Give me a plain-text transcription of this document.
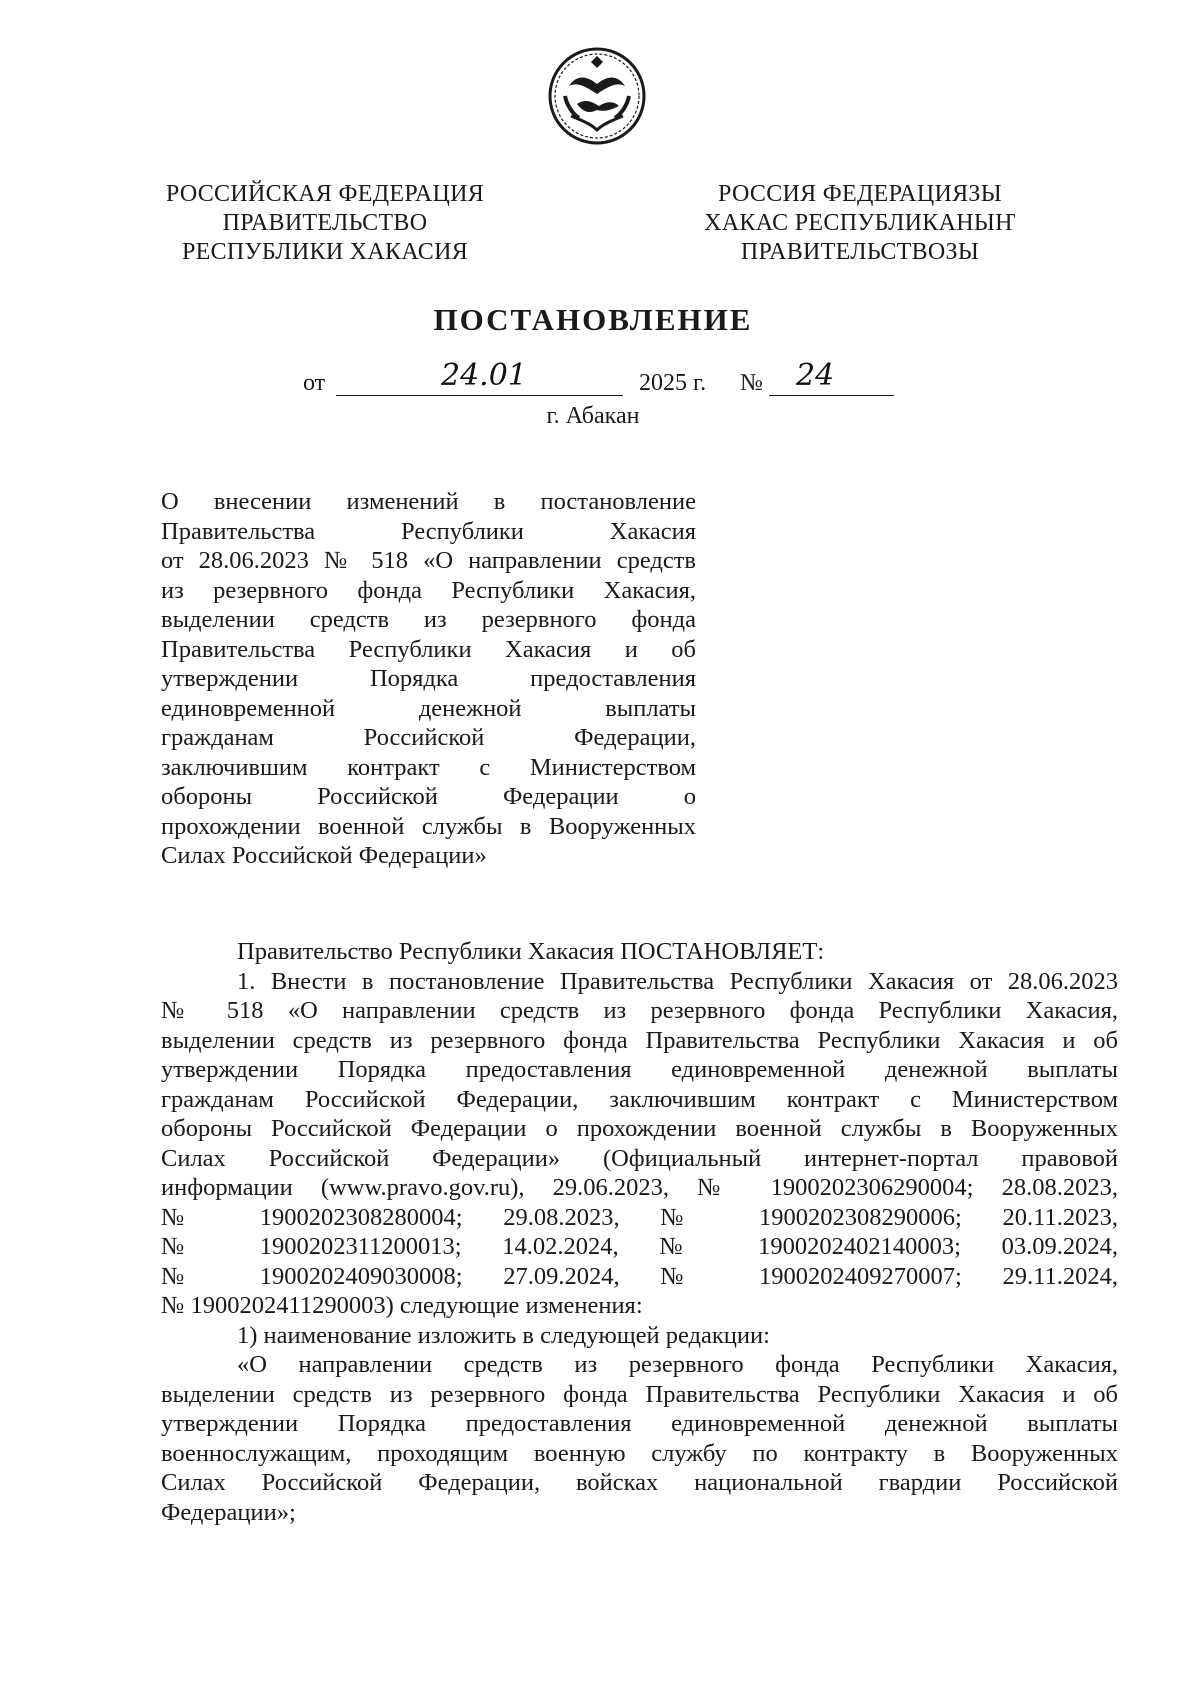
РОССИЙСКАЯ ФЕДЕРАЦИЯ
ПРАВИТЕЛЬСТВО
РЕСПУБЛИКИ ХАКАСИЯ
РОССИЯ ФЕДЕРАЦИЯЗЫ
ХАКАС РЕСПУБЛИКАНЫҤ
ПРАВИТЕЛЬСТВОЗЫ
ПОСТАНОВЛЕНИЕ
от	24.01	2025 г. № 24
г. Абакан
О внесении изменений в постановление
Правительства Республики Хакасия
от 28.06.2023 № 518 «О направлении средств
из резервного фонда Республики Хакасия,
выделении средств из резервного фонда
Правительства Республики Хакасия и об
утверждении Порядка предоставления
единовременной денежной выплаты
гражданам Российской Федерации,
заключившим контракт с Министерством
обороны Российской Федерации о
прохождении военной службы в Вооруженных
Силах Российской Федерации»
Правительство Республики Хакасия ПОСТАНОВЛЯЕТ:
1. Внести в постановление Правительства Республики Хакасия от 28.06.2023
№ 518 «О направлении средств из резервного фонда Республики Хакасия,
выделении средств из резервного фонда Правительства Республики Хакасия и об
утверждении Порядка предоставления единовременной денежной выплаты
гражданам Российской Федерации, заключившим контракт с Министерством
обороны Российской Федерации о прохождении военной службы в Вооруженных
Силах Российской Федерации» (Официальный интернет-портал правовой
информации (www.pravo.gov.ru), 29.06.2023, № 1900202306290004; 28.08.2023,
№ 1900202308280004; 29.08.2023, № 1900202308290006; 20.11.2023,
№ 1900202311200013; 14.02.2024, № 1900202402140003; 03.09.2024,
№ 1900202409030008; 27.09.2024, № 1900202409270007; 29.11.2024,
№ 1900202411290003) следующие изменения:
1) наименование изложить в следующей редакции:
«О направлении средств из резервного фонда Республики Хакасия,
выделении средств из резервного фонда Правительства Республики Хакасия и об
утверждении Порядка предоставления единовременной денежной выплаты
военнослужащим, проходящим военную службу по контракту в Вооруженных
Силах Российской Федерации, войсках национальной гвардии Российской
Федерации»;
